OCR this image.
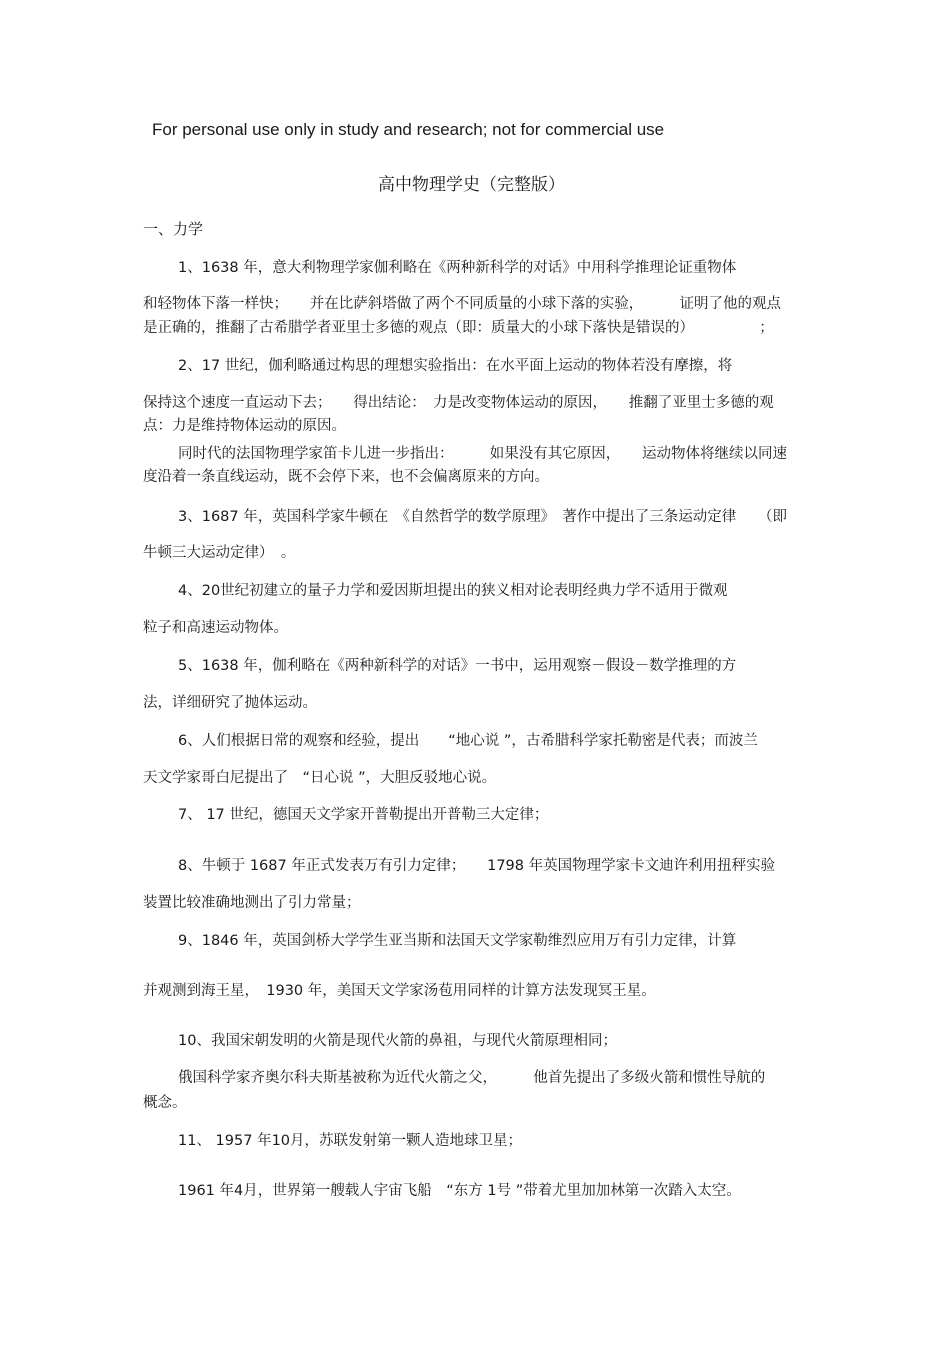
For personal use only in study and research; not for commercial use
高中物理学史（完整版）
一、力学
1、1638 年，意大利物理学家伽利略在《两种新科学的对话》中用科学推理论证重物体
和轻物体下落一样快；　　并在比萨斜塔做了两个不同质量的小球下落的实验，　　　证明了他的观点
是正确的，推翻了古希腊学者亚里士多德的观点（即：质量大的小球下落快是错误的）　　　　　；
2、17 世纪，伽利略通过构思的理想实验指出：在水平面上运动的物体若没有摩擦，将
保持这个速度一直运动下去；　　得出结论：　力是改变物体运动的原因，　　推翻了亚里士多德的观
点：力是维持物体运动的原因。
同时代的法国物理学家笛卡儿进一步指出：　　　如果没有其它原因，　　运动物体将继续以同速
度沿着一条直线运动，既不会停下来，也不会偏离原来的方向。
3、1687 年，英国科学家牛顿在　《自然哲学的数学原理》　著作中提出了三条运动定律　　（即
牛顿三大运动定律）　。
4、20世纪初建立的量子力学和爱因斯坦提出的狭义相对论表明经典力学不适用于微观
粒子和高速运动物体。
5、1638 年，伽利略在《两种新科学的对话》一书中，运用观察－假设－数学推理的方
法，详细研究了抛体运动。
6、人们根据日常的观察和经验，提出　　“地心说 ”，古希腊科学家托勒密是代表；而波兰
天文学家哥白尼提出了　“日心说 ”，大胆反驳地心说。
7、 17 世纪，德国天文学家开普勒提出开普勒三大定律；
8、牛顿于 1687 年正式发表万有引力定律；　　1798 年英国物理学家卡文迪许利用扭秤实验
装置比较准确地测出了引力常量；
9、1846 年，英国剑桥大学学生亚当斯和法国天文学家勒维烈应用万有引力定律，计算
并观测到海王星，　1930 年，美国天文学家汤苞用同样的计算方法发现冥王星。
10、我国宋朝发明的火箭是现代火箭的鼻祖，与现代火箭原理相同；
俄国科学家齐奥尔科夫斯基被称为近代火箭之父，　　　他首先提出了多级火箭和惯性导航的
概念。
11、 1957 年10月，苏联发射第一颗人造地球卫星；
1961 年4月，世界第一艘载人宇宙飞船　“东方 1号 ”带着尤里加加林第一次踏入太空。
